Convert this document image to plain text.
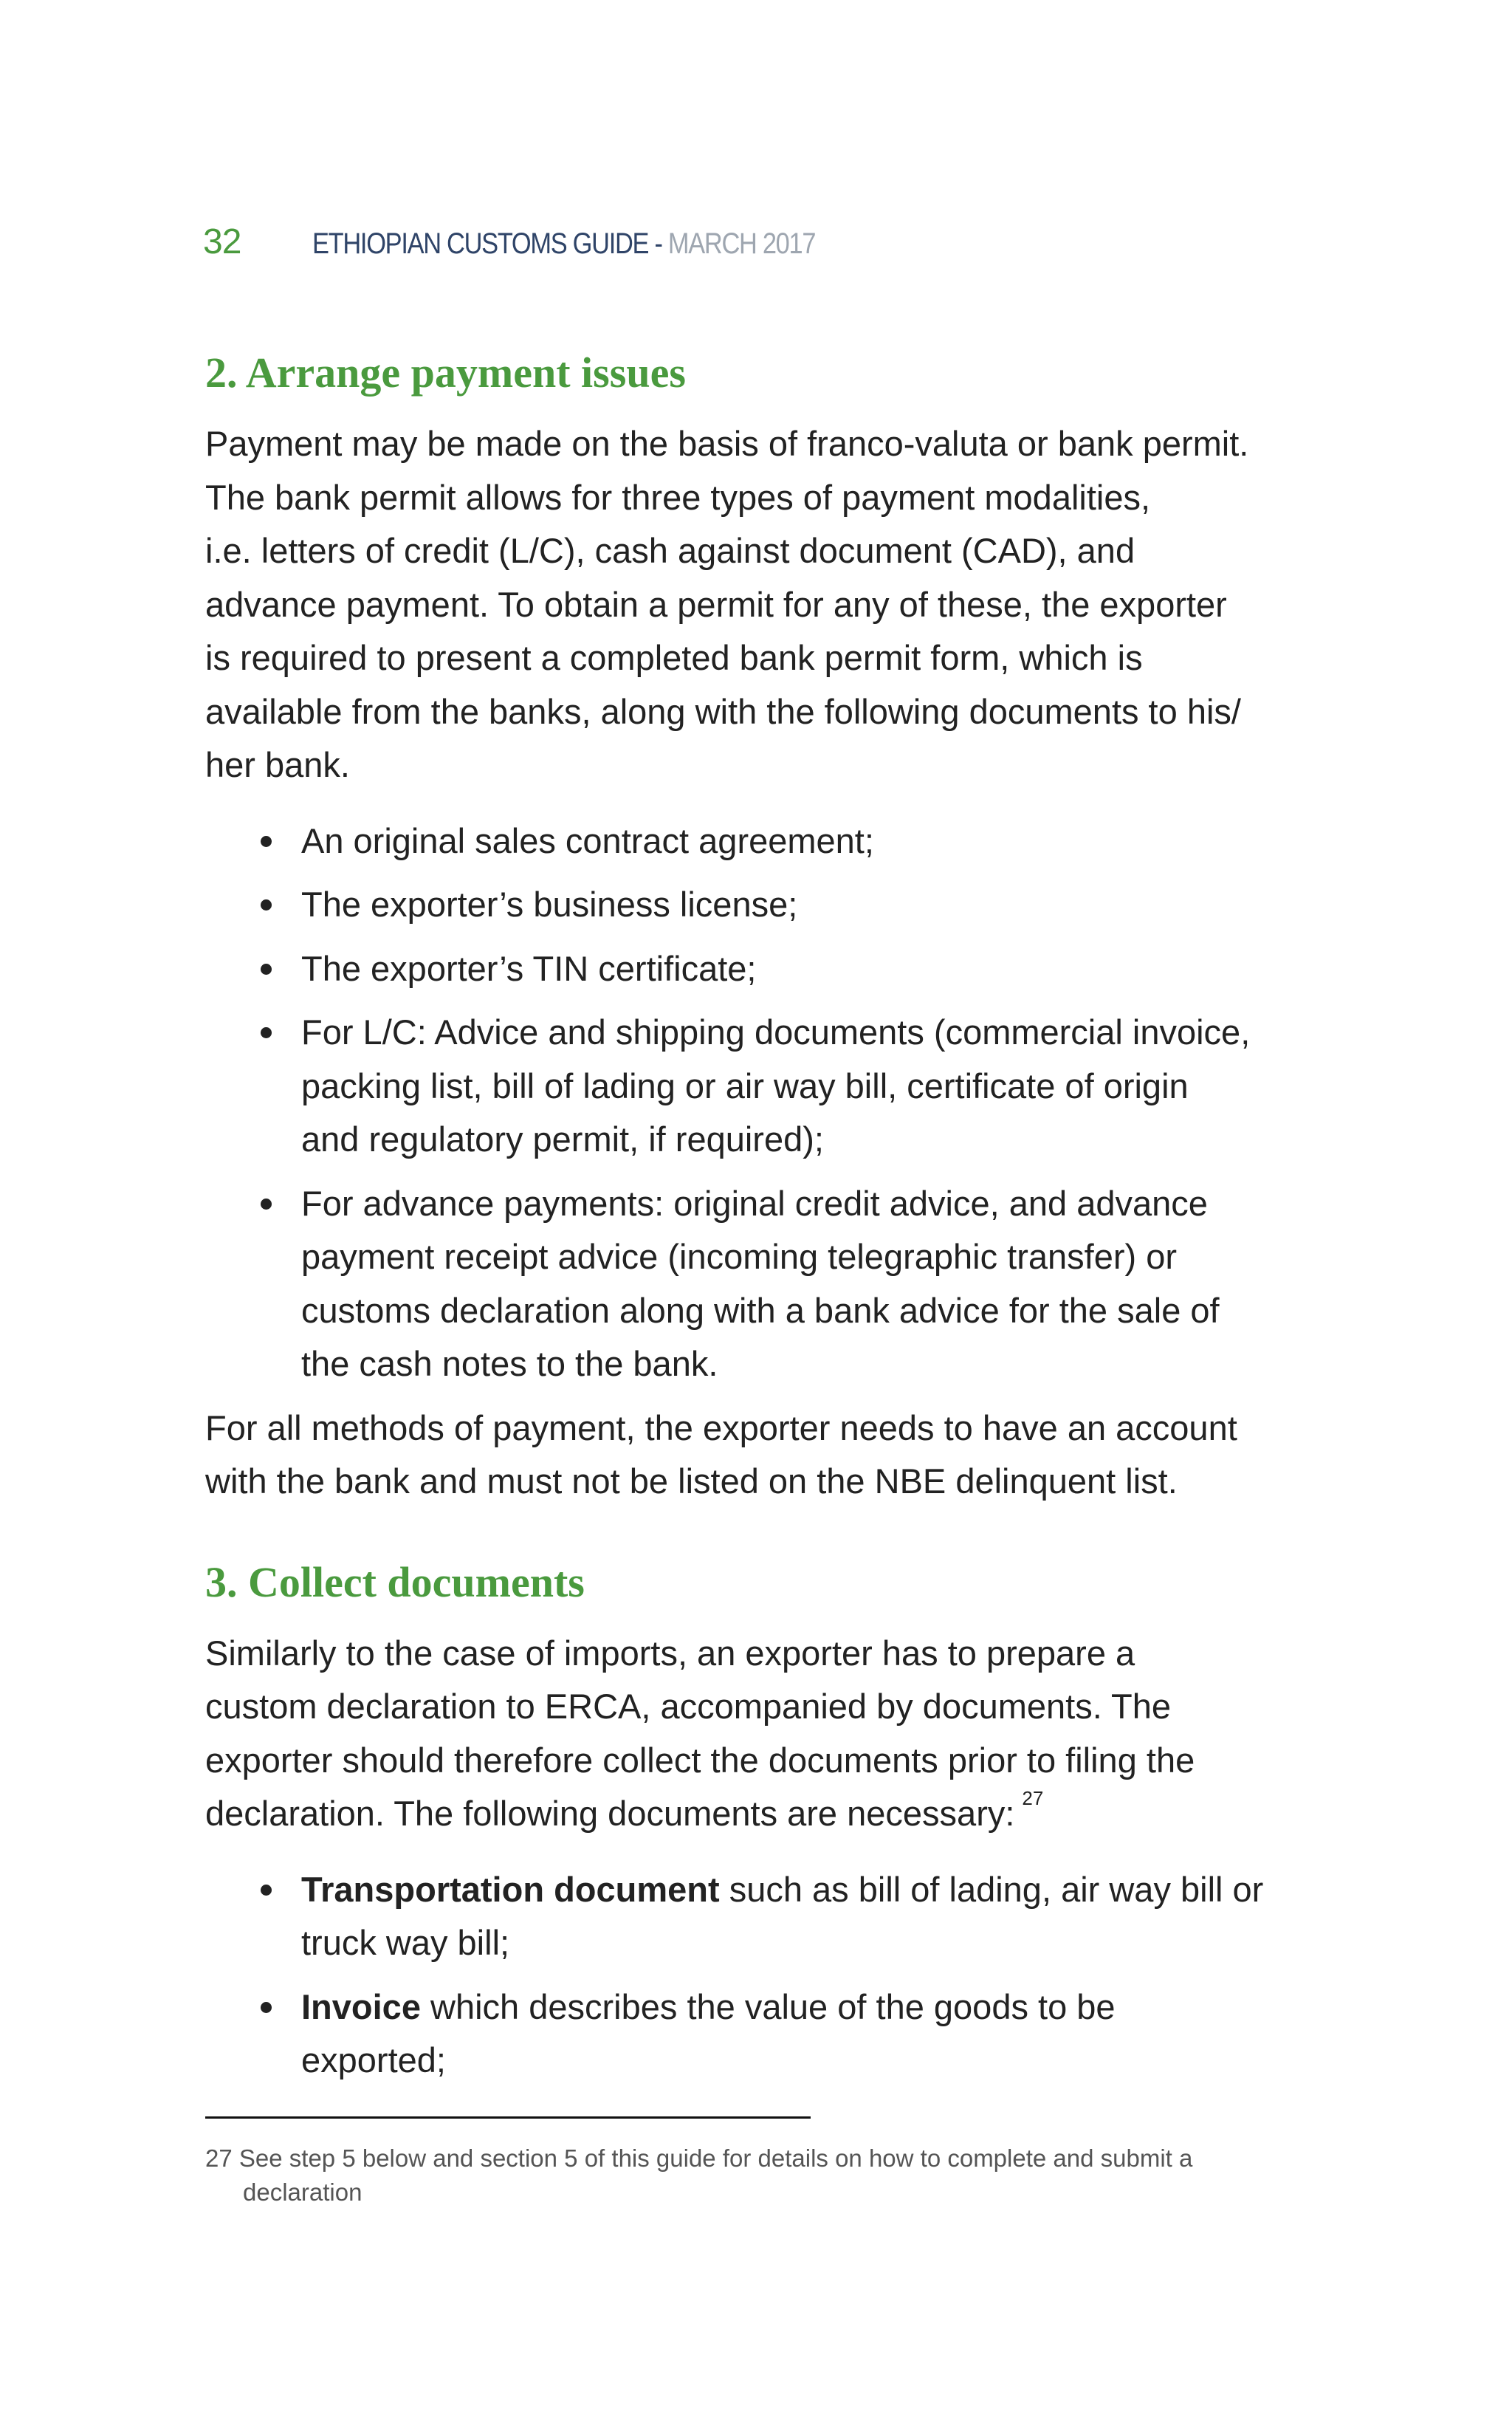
32 ETHIOPIAN CUSTOMS GUIDE - MARCH 2017
2. Arrange payment issues

Payment may be made on the basis of franco-valuta or bank permit.

The bank permit allows for three types of payment modalities,

i.e. letters of credit (L/C), cash against document (CAD), and

advance payment. To obtain a permit for any of these, the exporter

is required to present a completed bank permit form, which is

available from the banks, along with the following documents to his/

her bank.

An original sales contract agreement;
The exporter’s business license;
The exporter’s TIN certificate;
For L/C: Advice and shipping documents (commercial invoice,
packing list, bill of lading or air way bill, certificate of origin
and regulatory permit, if required);
For advance payments: original credit advice, and advance
payment receipt advice (incoming telegraphic transfer) or
customs declaration along with a bank advice for the sale of
the cash notes to the bank.

For all methods of payment, the exporter needs to have an account

with the bank and must not be listed on the NBE delinquent list.

3. Collect documents

Similarly to the case of imports, an exporter has to prepare a

custom declaration to ERCA, accompanied by documents. The

exporter should therefore collect the documents prior to filing the

declaration. The following documents are necessary: $^{27}$

Transportation document such as bill of lading, air way bill or
truck way bill;
Invoice which describes the value of the goods to be
exported;
27 See step 5 below and section 5 of this guide for details on how to complete and submit a
declaration
